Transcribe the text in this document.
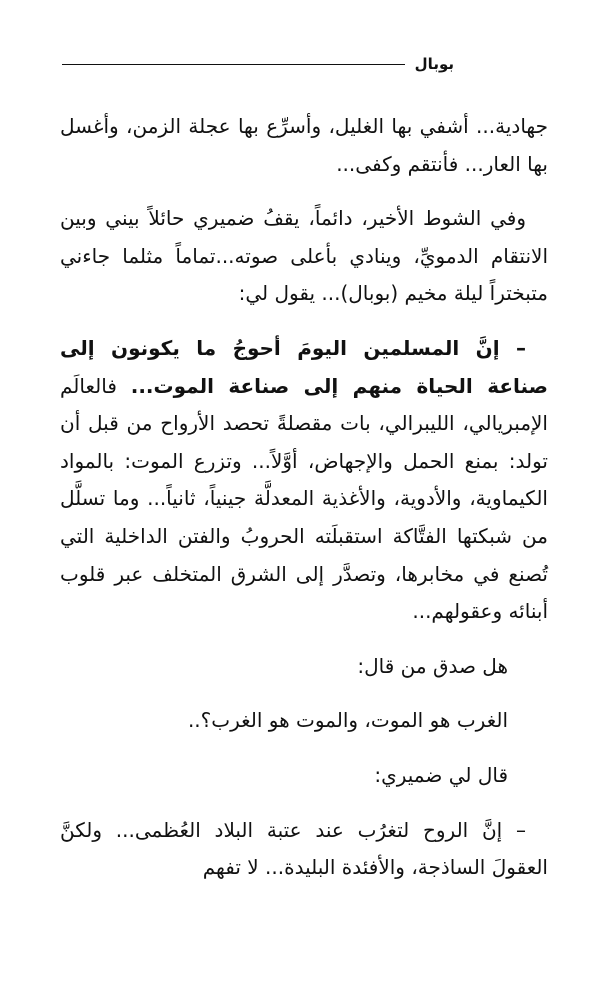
بوبال

جهادية... أشفي بها الغليل، وأسرِّع بها عجلة الزمن، وأغسل بها العار... فأنتقم وكفى...

وفي الشوط الأخير، دائماً، يقفُ ضميري حائلاً بيني وبين الانتقام الدمويِّ، وينادي بأعلى صوته...تماماً مثلما جاءني متبختراً ليلة مخيم (بوبال)... يقول لي:

– إنَّ المسلمين اليومَ أحوجُ ما يكونون إلى صناعة الحياة منهم إلى صناعة الموت... فالعالَم الإمبريالي، الليبرالي، بات مقصلةً تحصد الأرواح من قبل أن تولد: بمنع الحمل والإجهاض، أوَّلاً... وتزرع الموت: بالمواد الكيماوية، والأدوية، والأغذية المعدلَّة جينياً، ثانياً... وما تسلَّل من شبكتها الفتَّاكة استقبلَته الحروبُ والفتن الداخلية التي تُصنع في مخابرها، وتصدَّر إلى الشرق المتخلف عبر قلوب أبنائه وعقولهم...

هل صدق من قال:

الغرب هو الموت، والموت هو الغرب؟..

قال لي ضميري:

– إنَّ الروح لتغرُب عند عتبة البلاد العُظمى... ولكنَّ العقولَ الساذجة، والأفئدة البليدة... لا تفهم
